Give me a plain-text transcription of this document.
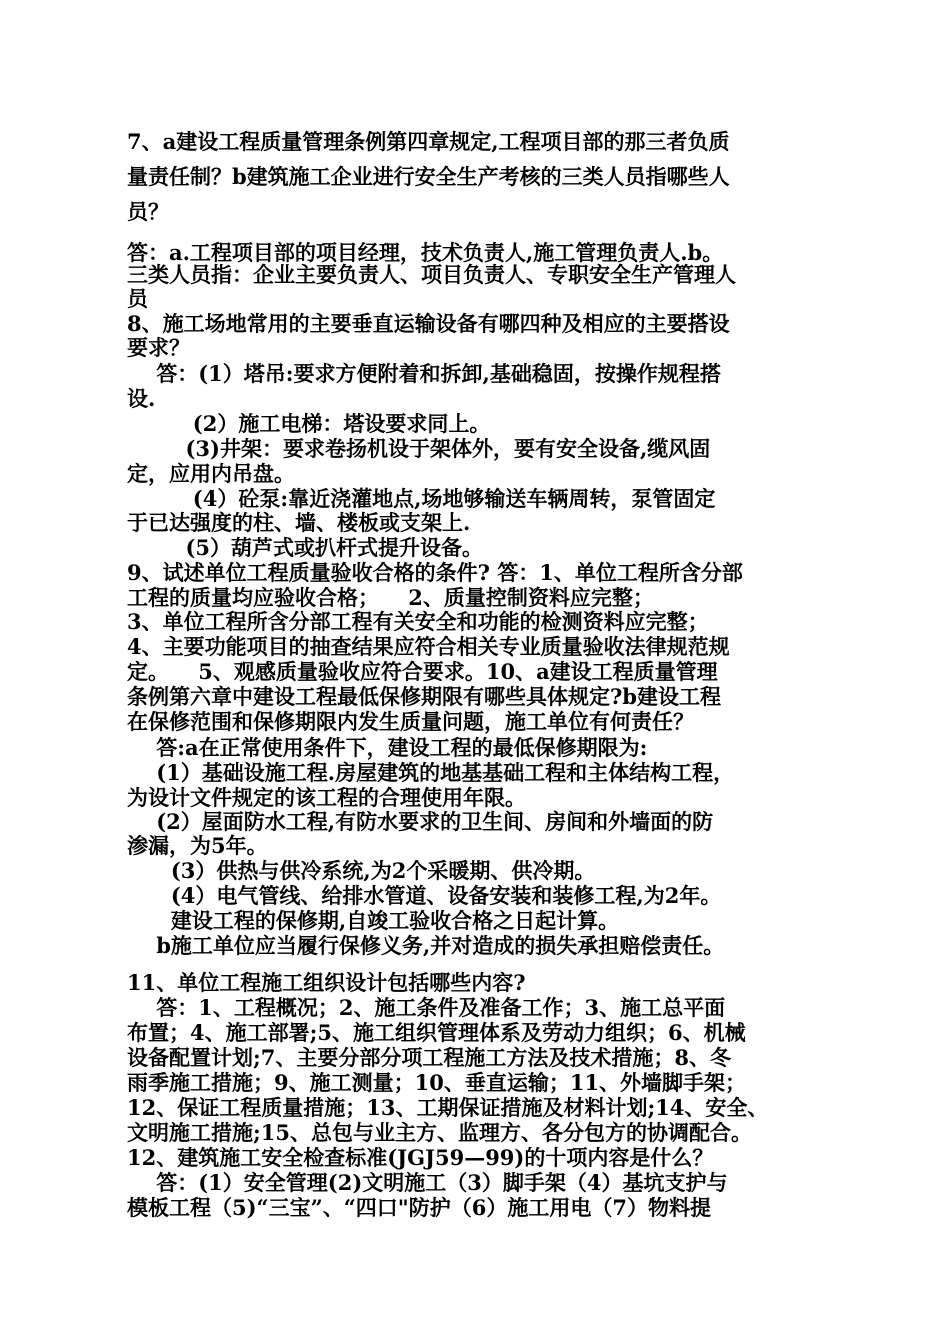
7、a建设工程质量管理条例第四章规定,工程项目部的那三者负质
量责任制？b建筑施工企业进行安全生产考核的三类人员指哪些人
员？
答：a.工程项目部的项目经理，技术负责人,施工管理负责人.b。
三类人员指：企业主要负责人、项目负责人、专职安全生产管理人
员
8、施工场地常用的主要垂直运输设备有哪四种及相应的主要搭设
要求？
答：(1）塔吊:要求方便附着和拆卸,基础稳固，按操作规程搭
设.
(2）施工电梯：塔设要求同上。
(3)井架：要求卷扬机设于架体外，要有安全设备,缆风固
定，应用内吊盘。
(4）砼泵:靠近浇灌地点,场地够输送车辆周转，泵管固定
于已达强度的柱、墙、楼板或支架上.
(5）葫芦式或扒杆式提升设备。
9、试述单位工程质量验收合格的条件? 答：1、单位工程所含分部
工程的质量均应验收合格；    2、质量控制资料应完整；
3、单位工程所含分部工程有关安全和功能的检测资料应完整；
4、主要功能项目的抽查结果应符合相关专业质量验收法律规范规
定。    5、观感质量验收应符合要求。10、a建设工程质量管理
条例第六章中建设工程最低保修期限有哪些具体规定?b建设工程
在保修范围和保修期限内发生质量问题，施工单位有何责任？
答:a在正常使用条件下，建设工程的最低保修期限为:
(1）基础设施工程.房屋建筑的地基基础工程和主体结构工程，
为设计文件规定的该工程的合理使用年限。
(2）屋面防水工程,有防水要求的卫生间、房间和外墙面的防
渗漏，为5年。
(3）供热与供冷系统,为2个采暖期、供冷期。
(4）电气管线、给排水管道、设备安装和装修工程,为2年。
建设工程的保修期,自竣工验收合格之日起计算。
b施工单位应当履行保修义务,并对造成的损失承担赔偿责任。
11、单位工程施工组织设计包括哪些内容?
答：1、工程概况；2、施工条件及准备工作；3、施工总平面
布置；4、施工部署;5、施工组织管理体系及劳动力组织；6、机械
设备配置计划;7、主要分部分项工程施工方法及技术措施；8、冬
雨季施工措施；9、施工测量；10、垂直运输；11、外墙脚手架；
12、保证工程质量措施；13、工期保证措施及材料计划;14、安全、
文明施工措施;15、总包与业主方、监理方、各分包方的协调配合。
12、建筑施工安全检查标准(JGJ59—99)的十项内容是什么？
答：(1）安全管理(2)文明施工（3）脚手架（4）基坑支护与
模板工程（5)“三宝”、“四口"防护（6）施工用电（7）物料提
